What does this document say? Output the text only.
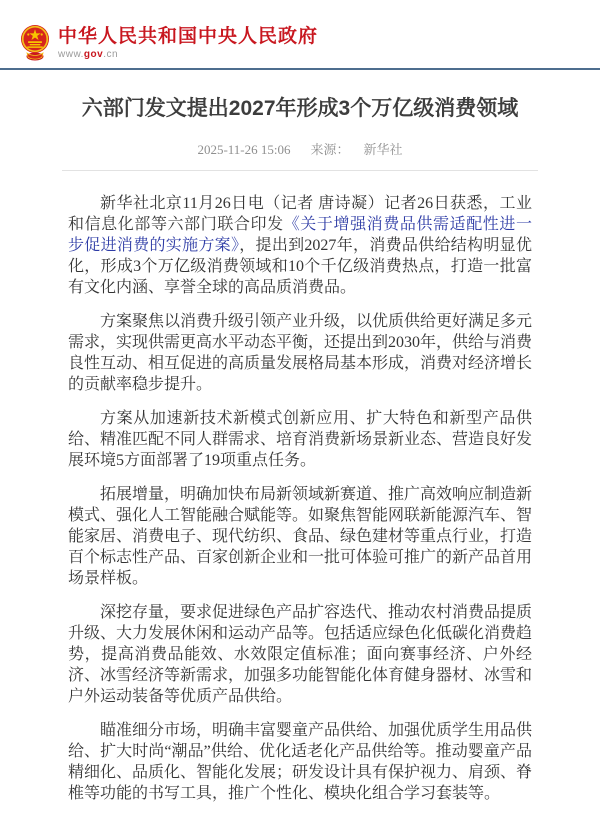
中华人民共和国中央人民政府
www.gov.cn
六部门发文提出2027年形成3个万亿级消费领域
2025-11-26 15:06 来源： 新华社

新华社北京11月26日电（记者 唐诗凝）记者26日获悉，工业和信息化部等六部门联合印发《关于增强消费品供需适配性进一步促进消费的实施方案》，提出到2027年，消费品供给结构明显优化，形成3个万亿级消费领域和10个千亿级消费热点，打造一批富有文化内涵、享誉全球的高品质消费品。

方案聚焦以消费升级引领产业升级，以优质供给更好满足多元需求，实现供需更高水平动态平衡，还提出到2030年，供给与消费良性互动、相互促进的高质量发展格局基本形成，消费对经济增长的贡献率稳步提升。

方案从加速新技术新模式创新应用、扩大特色和新型产品供给、精准匹配不同人群需求、培育消费新场景新业态、营造良好发展环境5方面部署了19项重点任务。

拓展增量，明确加快布局新领域新赛道、推广高效响应制造新模式、强化人工智能融合赋能等。如聚焦智能网联新能源汽车、智能家居、消费电子、现代纺织、食品、绿色建材等重点行业，打造百个标志性产品、百家创新企业和一批可体验可推广的新产品首用场景样板。

深挖存量，要求促进绿色产品扩容迭代、推动农村消费品提质升级、大力发展休闲和运动产品等。包括适应绿色化低碳化消费趋势，提高消费品能效、水效限定值标准；面向赛事经济、户外经济、冰雪经济等新需求，加强多功能智能化体育健身器材、冰雪和户外运动装备等优质产品供给。

瞄准细分市场，明确丰富婴童产品供给、加强优质学生用品供给、扩大时尚“潮品”供给、优化适老化产品供给等。推动婴童产品精细化、品质化、智能化发展；研发设计具有保护视力、肩颈、脊椎等功能的书写工具，推广个性化、模块化组合学习套装等。
